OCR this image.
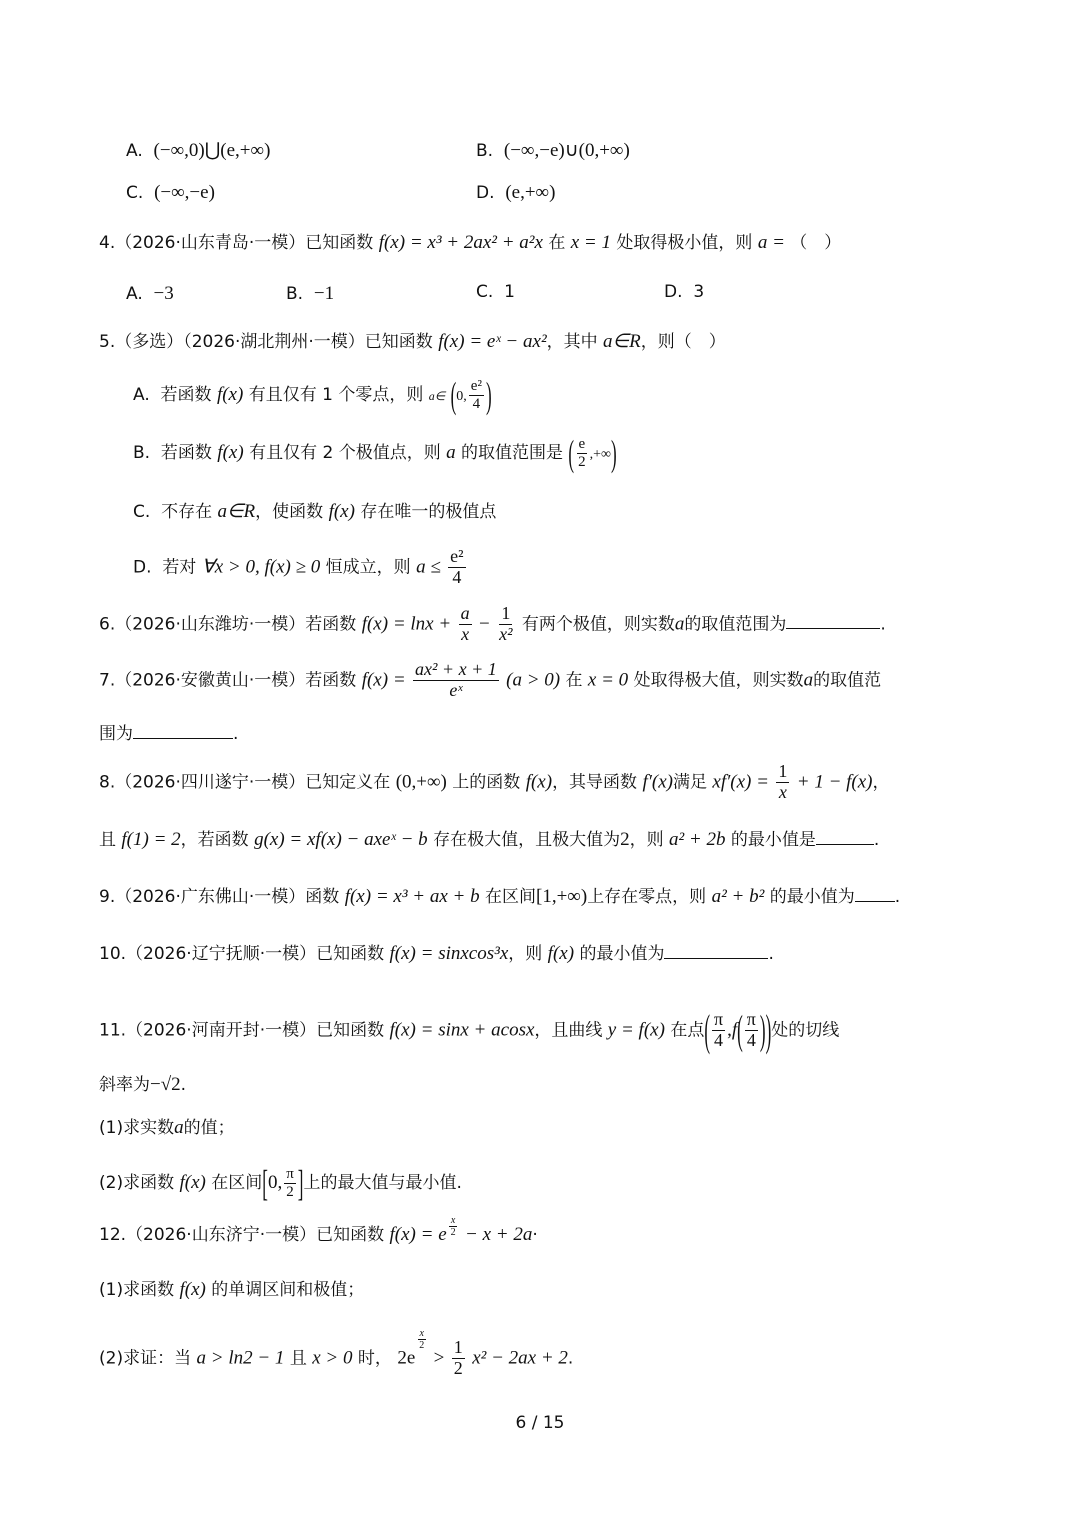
A. (−∞,0)⋃(e,+∞)	B. (−∞,−e)∪(0,+∞)
C. (−∞,−e)	D. (e,+∞)
4.（2026·山东青岛·一模）已知函数 f(x) = x³ + 2ax² + a²x 在 x = 1 处取得极小值，则 a = （　）
A. −3	B. −1	C. 1	D. 3
5.（多选）（2026·湖北荆州·一模）已知函数 f(x) = eˣ − ax²，其中 a∈R，则（　）
A. 若函数 f(x) 有且仅有 1 个零点，则 a∈ (0, $\frac{\text{e²}}{4}$ )
B. 若函数 f(x) 有且仅有 2 个极值点，则 a 的取值范围是 ( $\frac{e}{2}$ ,+∞)
C. 不存在 a∈R，使函数 f(x) 存在唯一的极值点
D. 若对 ∀x > 0, f(x) ≥ 0 恒成立，则 $a \le \frac{\text{e²}}{4}$
6.（2026·山东潍坊·一模）若函数 $f(x) = \ln x + \frac{a}{x} - \frac{1}{\text{x²}}$ 有两个极值，则实数a的取值范围为	.
7.（2026·安徽黄山·一模）若函数 $f(x) = \frac{\text{ax² + x + 1}}{\text{eˣ}} (a > 0)$ 在 x = 0 处取得极大值，则实数a的取值范
围为	.
8.（2026·四川遂宁·一模）已知定义在 (0,+∞) 上的函数 f(x)，其导函数 f′(x)满足 $xf'(x) = \frac{1}{x} + 1 - f(x)$，
且 f(1) = 2，若函数 g(x) = xf(x) − axeˣ − b 存在极大值，且极大值为2，则 a² + 2b 的最小值是	.
9.（2026·广东佛山·一模）函数 f(x) = x³ + ax + b 在区间[1,+∞)上存在零点，则 a² + b² 的最小值为 .
10.（2026·辽宁抚顺·一模）已知函数 f(x) = sinxcos³x，则 f(x) 的最小值为	.
11.（2026·河南开封·一模）已知函数 f(x) = sinx + acosx，且曲线 y = f(x) 在点( $\frac{\pi}{4} ,f( \frac{\pi}{4}$ ))处的切线
斜率为−√2.
(1)求实数a的值；
(2)求函数 f(x) 在区间[0, $\frac{\pi}{2}$ ]上的最大值与最小值.
12.（2026·山东济宁·一模）已知函数 f(x) = e $\frac{x}{2} - x + 2a\cdot$
(1)求函数 f(x) 的单调区间和极值；
(2)求证：当 a > ln2 − 1 且 x > 0 时， 2e
$\frac{x}{2}$
> $\frac{1}{2} x^2 - 2ax + 2$.
6 / 15
